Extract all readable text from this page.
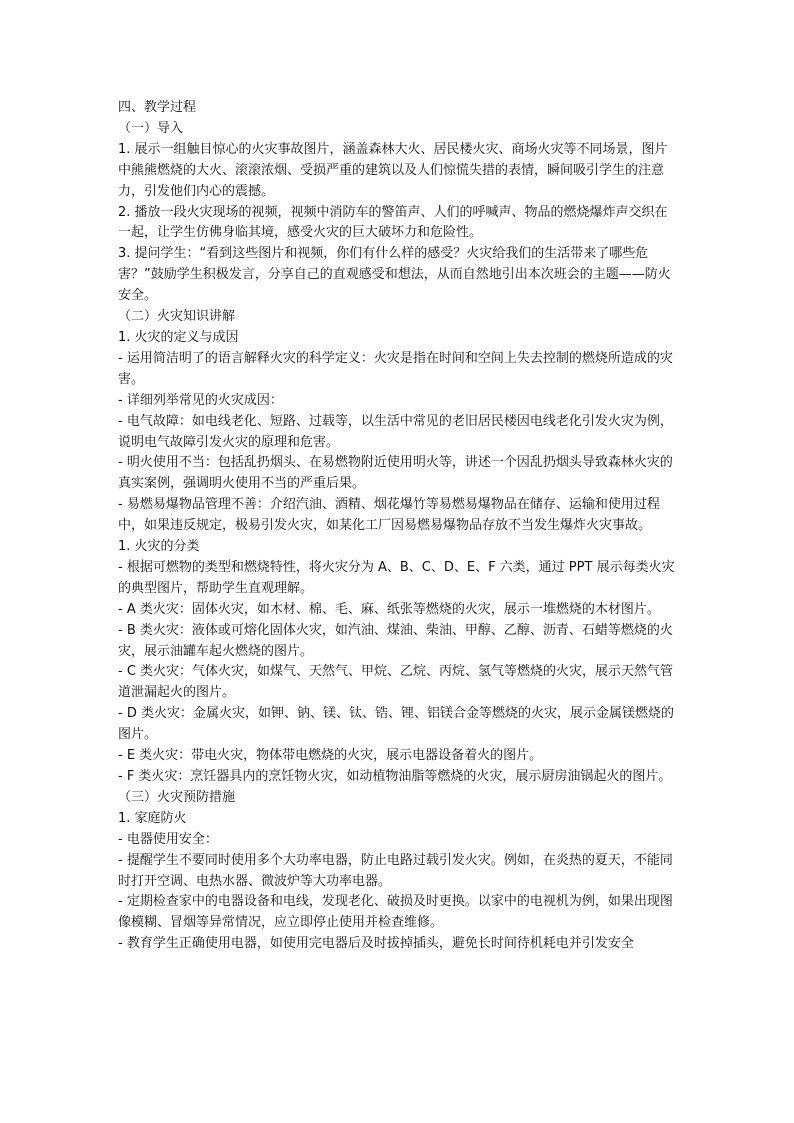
四、教学过程

（一）导入

1. 展示一组触目惊心的火灾事故图片，涵盖森林大火、居民楼火灾、商场火灾等不同场景，图片中熊熊燃烧的大火、滚滚浓烟、受损严重的建筑以及人们惊慌失措的表情，瞬间吸引学生的注意力，引发他们内心的震撼。

2. 播放一段火灾现场的视频，视频中消防车的警笛声、人们的呼喊声、物品的燃烧爆炸声交织在一起，让学生仿佛身临其境，感受火灾的巨大破坏力和危险性。

3. 提问学生：“看到这些图片和视频，你们有什么样的感受？火灾给我们的生活带来了哪些危害？”鼓励学生积极发言，分享自己的直观感受和想法，从而自然地引出本次班会的主题——防火安全。

（二）火灾知识讲解

1. 火灾的定义与成因

- 运用简洁明了的语言解释火灾的科学定义：火灾是指在时间和空间上失去控制的燃烧所造成的灾害。

- 详细列举常见的火灾成因：

- 电气故障：如电线老化、短路、过载等，以生活中常见的老旧居民楼因电线老化引发火灾为例，说明电气故障引发火灾的原理和危害。

- 明火使用不当：包括乱扔烟头、在易燃物附近使用明火等，讲述一个因乱扔烟头导致森林火灾的真实案例，强调明火使用不当的严重后果。

- 易燃易爆物品管理不善：介绍汽油、酒精、烟花爆竹等易燃易爆物品在储存、运输和使用过程中，如果违反规定，极易引发火灾，如某化工厂因易燃易爆物品存放不当发生爆炸火灾事故。

1. 火灾的分类

- 根据可燃物的类型和燃烧特性，将火灾分为 A、B、C、D、E、F 六类，通过 PPT 展示每类火灾的典型图片，帮助学生直观理解。

- A 类火灾：固体火灾，如木材、棉、毛、麻、纸张等燃烧的火灾，展示一堆燃烧的木材图片。

- B 类火灾：液体或可熔化固体火灾，如汽油、煤油、柴油、甲醇、乙醇、沥青、石蜡等燃烧的火灾，展示油罐车起火燃烧的图片。

- C 类火灾：气体火灾，如煤气、天然气、甲烷、乙烷、丙烷、氢气等燃烧的火灾，展示天然气管道泄漏起火的图片。

- D 类火灾：金属火灾，如钾、钠、镁、钛、锆、锂、铝镁合金等燃烧的火灾，展示金属镁燃烧的图片。

- E 类火灾：带电火灾，物体带电燃烧的火灾，展示电器设备着火的图片。

- F 类火灾：烹饪器具内的烹饪物火灾，如动植物油脂等燃烧的火灾，展示厨房油锅起火的图片。

（三）火灾预防措施

1. 家庭防火

- 电器使用安全：

- 提醒学生不要同时使用多个大功率电器，防止电路过载引发火灾。例如，在炎热的夏天，不能同时打开空调、电热水器、微波炉等大功率电器。

- 定期检查家中的电器设备和电线，发现老化、破损及时更换。以家中的电视机为例，如果出现图像模糊、冒烟等异常情况，应立即停止使用并检查维修。

- 教育学生正确使用电器，如使用完电器后及时拔掉插头，避免长时间待机耗电并引发安全
